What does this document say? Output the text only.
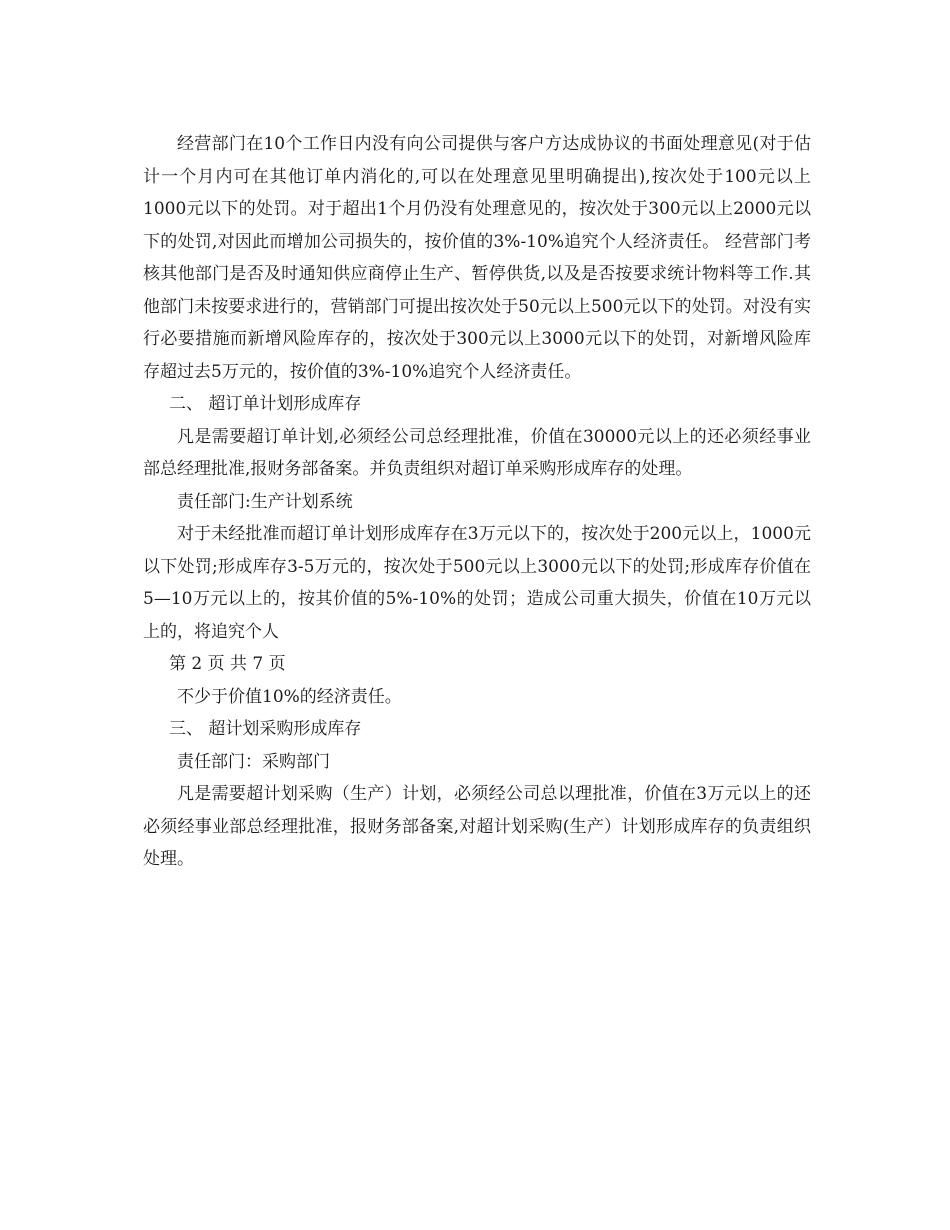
经营部门在10个工作日内没有向公司提供与客户方达成协议的书面处理意见(对于估计一个月内可在其他订单内消化的,可以在处理意见里明确提出),按次处于100元以上1000元以下的处罚。对于超出1个月仍没有处理意见的，按次处于300元以上2000元以下的处罚,对因此而增加公司损失的，按价值的3%-10%追究个人经济责任。 经营部门考核其他部门是否及时通知供应商停止生产、暂停供货,以及是否按要求统计物料等工作.其他部门未按要求进行的，营销部门可提出按次处于50元以上500元以下的处罚。对没有实行必要措施而新增风险库存的，按次处于300元以上3000元以下的处罚，对新增风险库存超过去5万元的，按价值的3%-10%追究个人经济责任。

二、 超订单计划形成库存

凡是需要超订单计划,必须经公司总经理批准，价值在30000元以上的还必须经事业部总经理批准,报财务部备案。并负责组织对超订单采购形成库存的处理。

责任部门:生产计划系统

对于未经批准而超订单计划形成库存在3万元以下的，按次处于200元以上，1000元以下处罚;形成库存3-5万元的，按次处于500元以上3000元以下的处罚;形成库存价值在5—10万元以上的，按其价值的5%-10%的处罚；造成公司重大损失，价值在10万元以上的，将追究个人

第 2 页 共 7 页

不少于价值10%的经济责任。

三、 超计划采购形成库存

责任部门：采购部门

凡是需要超计划采购（生产）计划，必须经公司总以理批准，价值在3万元以上的还必须经事业部总经理批准，报财务部备案,对超计划采购(生产）计划形成库存的负责组织处理。
